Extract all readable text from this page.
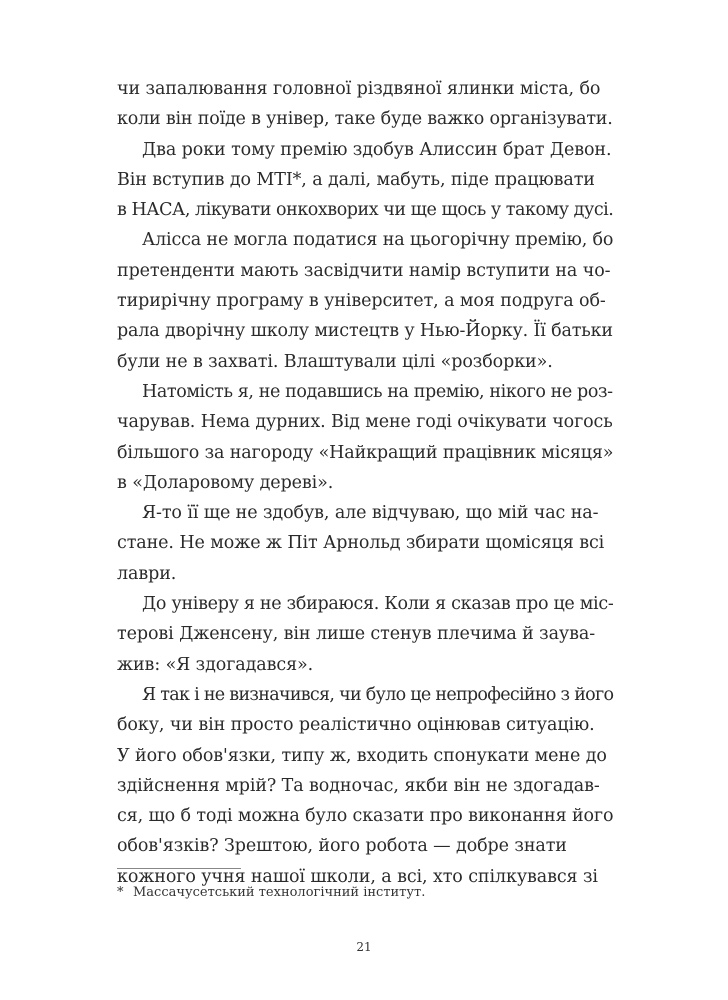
чи запалювання головної різдвяної ялинки міста, бо
коли він поїде в універ, таке буде важко організувати.
Два роки тому премію здобув Алиссин брат Девон.
Він вступив до МТІ*, а далі, мабуть, піде працювати
в НАСА, лікувати онкохворих чи ще щось у такому дусі.
Алісса не могла податися на цьогорічну премію, бо
претенденти мають засвідчити намір вступити на чо-
тирирічну програму в університет, а моя подруга об-
рала дворічну школу мистецтв у Нью-Йорку. Її батьки
були не в захваті. Влаштували цілі «розборки».
Натомість я, не подавшись на премію, нікого не роз-
чарував. Нема дурних. Від мене годі очікувати чогось
більшого за нагороду «Найкращий працівник місяця»
в «Доларовому дереві».
Я-то її ще не здобув, але відчуваю, що мій час на-
стане. Не може ж Піт Арнольд збирати щомісяця всі
лаври.
До універу я не збираюся. Коли я сказав про це міс-
терові Дженсену, він лише стенув плечима й заува-
жив: «Я здогадався».
Я так і не визначився, чи було це непрофесійно з його
боку, чи він просто реалістично оцінював ситуацію.
У його обов'язки, типу ж, входить спонукати мене до
здійснення мрій? Та водночас, якби він не здогадав-
ся, що б тоді можна було сказати про виконання його
обов'язків? Зрештою, його робота — добре знати
кожного учня нашої школи, а всі, хто спілкувався зі
* Массачусетський технологічний інститут.
21
